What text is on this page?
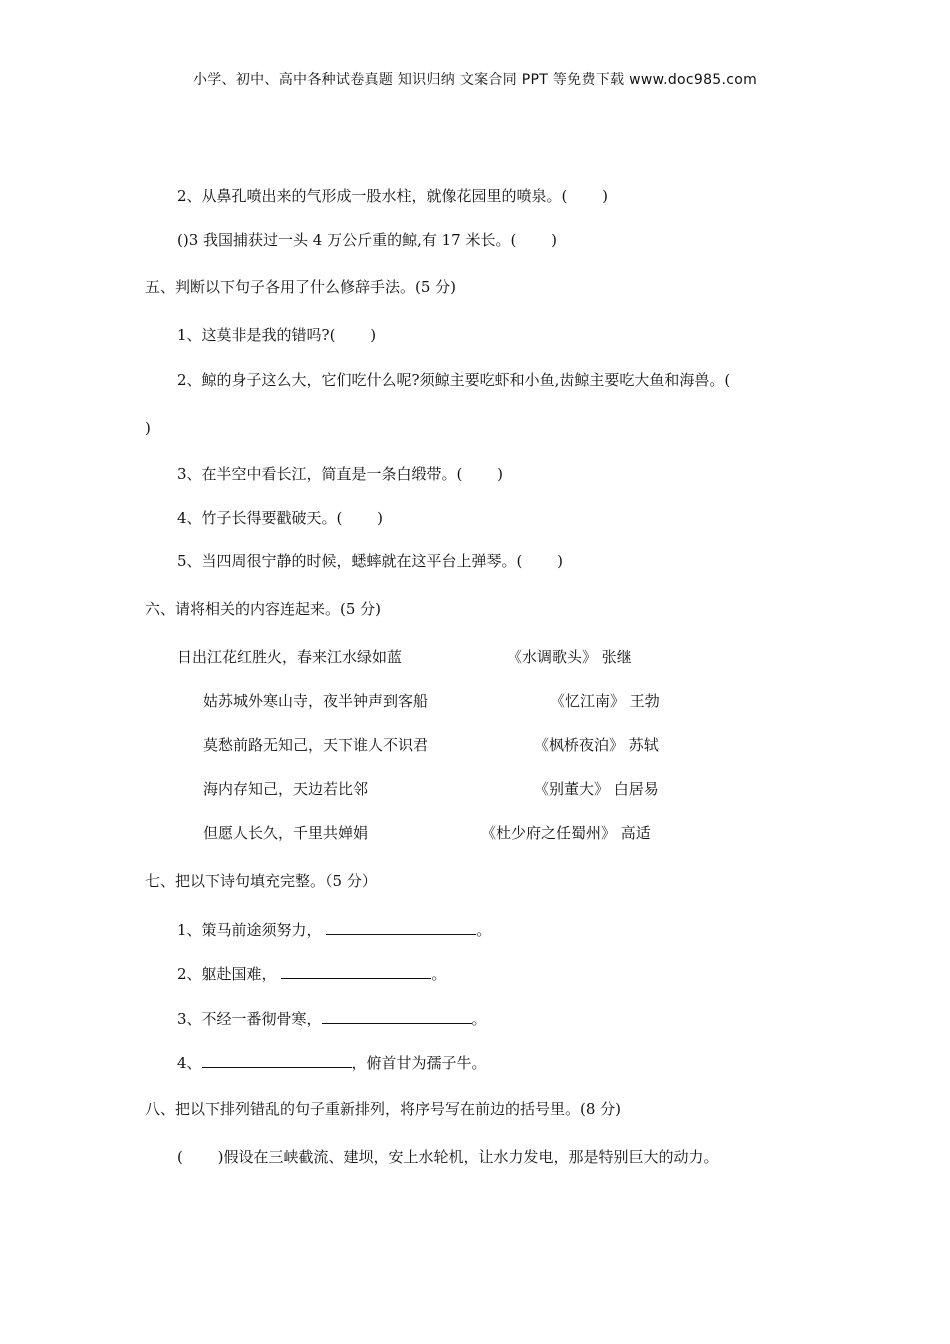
小学、初中、高中各种试卷真题 知识归纳 文案合同 PPT 等免费下载 www.doc985.com
2、从鼻孔喷出来的气形成一股水柱，就像花园里的喷泉。(　　 )
()3 我国捕获过一头 4 万公斤重的鲸,有 17 米长。(　　 )
五、判断以下句子各用了什么修辞手法。(5 分)
1、这莫非是我的错吗?(　　 )
2、鲸的身子这么大，它们吃什么呢?须鲸主要吃虾和小鱼,齿鲸主要吃大鱼和海兽。(
)
3、在半空中看长江，简直是一条白缎带。(　　 )
4、竹子长得要戳破天。(　　 )
5、当四周很宁静的时候，蟋蟀就在这平台上弹琴。(　　 )
六、请将相关的内容连起来。(5 分)
日出江花红胜火，春来江水绿如蓝	《水调歌头》 张继
姑苏城外寒山寺，夜半钟声到客船	《忆江南》 王勃
莫愁前路无知己，天下谁人不识君	《枫桥夜泊》 苏轼
海内存知己，天边若比邻	《别董大》 白居易
但愿人长久，千里共婵娟	《杜少府之任蜀州》 高适
七、把以下诗句填充完整。（5 分）
1、策马前途须努力，	。
2、躯赴国难，	。
3、不经一番彻骨寒，	。
4、	，俯首甘为孺子牛。
八、把以下排列错乱的句子重新排列，将序号写在前边的括号里。(8 分)
(　　 )假设在三峡截流、建坝，安上水轮机，让水力发电，那是特别巨大的动力。
